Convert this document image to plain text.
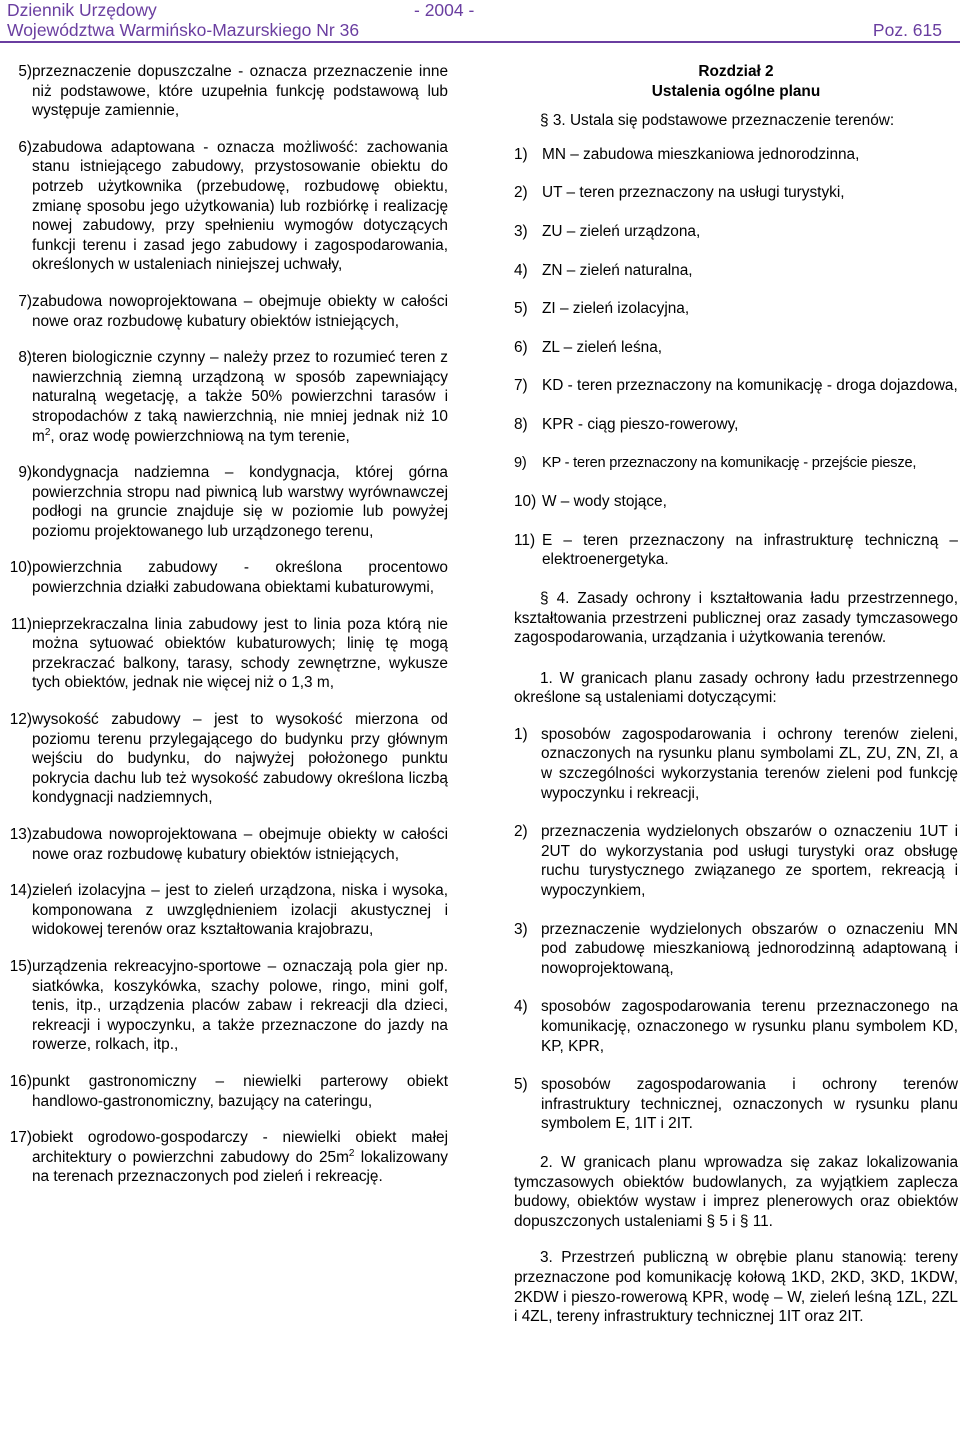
Dziennik Urzędowy
Województwa Warmińsko-Mazurskiego Nr 36
- 2004 -
Poz. 615
5) przeznaczenie dopuszczalne - oznacza przeznaczenie inne niż podstawowe, które uzupełnia funkcję podstawową lub występuje zamiennie,
6) zabudowa adaptowana - oznacza możliwość: zachowania stanu istniejącego zabudowy, przystosowanie obiektu do potrzeb użytkownika (przebudowę, rozbudowę obiektu, zmianę sposobu jego użytkowania) lub rozbiórkę i realizację nowej zabudowy, przy spełnieniu wymogów dotyczących funkcji terenu i zasad jego zabudowy i zagospodarowania, określonych w ustaleniach niniejszej uchwały,
7) zabudowa nowoprojektowana – obejmuje obiekty w całości nowe oraz rozbudowę kubatury obiektów istniejących,
8) teren biologicznie czynny – należy przez to rozumieć teren z nawierzchnią ziemną urządzoną w sposób zapewniający naturalną wegetację, a także 50% powierzchni tarasów i stropodachów z taką nawierzchnią, nie mniej jednak niż 10 $m^2$, oraz wodę powierzchniową na tym terenie,
9) kondygnacja nadziemna – kondygnacja, której górna powierzchnia stropu nad piwnicą lub warstwy wyrównawczej podłogi na gruncie znajduje się w poziomie lub powyżej poziomu projektowanego lub urządzonego terenu,
10) powierzchnia zabudowy - określona procentowo powierzchnia działki zabudowana obiektami kubaturowymi,
11) nieprzekraczalna linia zabudowy jest to linia poza którą nie można sytuować obiektów kubaturowych; linię tę mogą przekraczać balkony, tarasy, schody zewnętrzne, wykusze tych obiektów, jednak nie więcej niż o 1,3 m,
12) wysokość zabudowy – jest to wysokość mierzona od poziomu terenu przylegającego do budynku przy głównym wejściu do budynku, do najwyżej położonego punktu pokrycia dachu lub też wysokość zabudowy określona liczbą kondygnacji nadziemnych,
13) zabudowa nowoprojektowana – obejmuje obiekty w całości nowe oraz rozbudowę kubatury obiektów istniejących,
14) zieleń izolacyjna – jest to zieleń urządzona, niska i wysoka, komponowana z uwzględnieniem izolacji akustycznej i widokowej terenów oraz kształtowania krajobrazu,
15) urządzenia rekreacyjno-sportowe – oznaczają pola gier np. siatkówka, koszykówka, szachy polowe, ringo, mini golf, tenis, itp., urządzenia placów zabaw i rekreacji dla dzieci, rekreacji i wypoczynku, a także przeznaczone do jazdy na rowerze, rolkach, itp.,
16) punkt gastronomiczny – niewielki parterowy obiekt handlowo-gastronomiczny, bazujący na cateringu,
17) obiekt ogrodowo-gospodarczy - niewielki obiekt małej architektury o powierzchni zabudowy do $25m^2$ lokalizowany na terenach przeznaczonych pod zieleń i rekreację.
Rozdział 2
Ustalenia ogólne planu
§ 3. Ustala się podstawowe przeznaczenie terenów:
1) MN – zabudowa mieszkaniowa jednorodzinna,
2) UT – teren przeznaczony na usługi turystyki,
3) ZU – zieleń urządzona,
4) ZN – zieleń naturalna,
5) ZI – zieleń izolacyjna,
6) ZL – zieleń leśna,
7) KD - teren przeznaczony na komunikację - droga dojazdowa,
8) KPR - ciąg pieszo-rowerowy,
9) KP - teren przeznaczony na komunikację - przejście piesze,
10) W – wody stojące,
11) E – teren przeznaczony na infrastrukturę techniczną – elektroenergetyka.
§ 4. Zasady ochrony i kształtowania ładu przestrzennego, kształtowania przestrzeni publicznej oraz zasady tymczasowego zagospodarowania, urządzania i użytkowania terenów.
1. W granicach planu zasady ochrony ładu przestrzennego określone są ustaleniami dotyczącymi:
1) sposobów zagospodarowania i ochrony terenów zieleni, oznaczonych na rysunku planu symbolami ZL, ZU, ZN, ZI, a w szczególności wykorzystania terenów zieleni pod funkcję wypoczynku i rekreacji,
2) przeznaczenia wydzielonych obszarów o oznaczeniu 1UT i 2UT do wykorzystania pod usługi turystyki oraz obsługę ruchu turystycznego związanego ze sportem, rekreacją i wypoczynkiem,
3) przeznaczenie wydzielonych obszarów o oznaczeniu MN pod zabudowę mieszkaniową jednorodzinną adaptowaną i nowoprojektowaną,
4) sposobów zagospodarowania terenu przeznaczonego na komunikację, oznaczonego w rysunku planu symbolem KD, KP, KPR,
5) sposobów zagospodarowania i ochrony terenów infrastruktury technicznej, oznaczonych w rysunku planu symbolem E, 1IT i 2IT.
2. W granicach planu wprowadza się zakaz lokalizowania tymczasowych obiektów budowlanych, za wyjątkiem zaplecza budowy, obiektów wystaw i imprez plenerowych oraz obiektów dopuszczonych ustaleniami § 5 i § 11.
3. Przestrzeń publiczną w obrębie planu stanowią: tereny przeznaczone pod komunikację kołową 1KD, 2KD, 3KD, 1KDW, 2KDW i pieszo-rowerową KPR, wodę – W, zieleń leśną 1ZL, 2ZL i 4ZL, tereny infrastruktury technicznej 1IT oraz 2IT.
